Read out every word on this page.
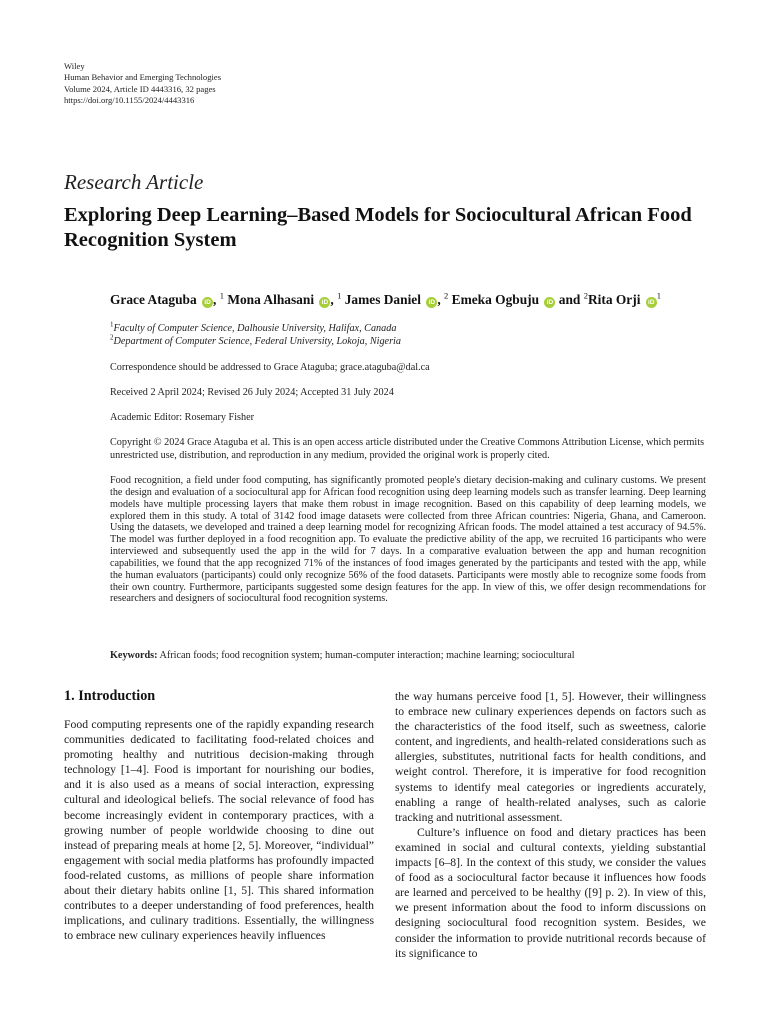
Wiley
Human Behavior and Emerging Technologies
Volume 2024, Article ID 4443316, 32 pages
https://doi.org/10.1155/2024/4443316
Research Article
Exploring Deep Learning–Based Models for Sociocultural African Food Recognition System
Grace Ataguba iD , $^1$ Mona Alhasani iD , $^1$ James Daniel iD , $^2$ Emeka Ogbuju iD and $^2$Rita Orji $iD^1$
$^1$Faculty of Computer Science, Dalhousie University, Halifax, Canada
$^2$Department of Computer Science, Federal University, Lokoja, Nigeria
Correspondence should be addressed to Grace Ataguba; grace.ataguba@dal.ca
Received 2 April 2024; Revised 26 July 2024; Accepted 31 July 2024
Academic Editor: Rosemary Fisher
Copyright © 2024 Grace Ataguba et al. This is an open access article distributed under the Creative Commons Attribution License, which permits unrestricted use, distribution, and reproduction in any medium, provided the original work is properly cited.
Food recognition, a field under food computing, has significantly promoted people's dietary decision-making and culinary customs. We present the design and evaluation of a sociocultural app for African food recognition using deep learning models such as transfer learning. Deep learning models have multiple processing layers that make them robust in image recognition. Based on this capability of deep learning models, we explored them in this study. A total of 3142 food image datasets were collected from three African countries: Nigeria, Ghana, and Cameroon. Using the datasets, we developed and trained a deep learning model for recognizing African foods. The model attained a test accuracy of 94.5%. The model was further deployed in a food recognition app. To evaluate the predictive ability of the app, we recruited 16 participants who were interviewed and subsequently used the app in the wild for 7 days. In a comparative evaluation between the app and human recognition capabilities, we found that the app recognized 71% of the instances of food images generated by the participants and tested with the app, while the human evaluators (participants) could only recognize 56% of the food datasets. Participants were mostly able to recognize some foods from their own country. Furthermore, participants suggested some design features for the app. In view of this, we offer design recommendations for researchers and designers of sociocultural food recognition systems.
Keywords: African foods; food recognition system; human-computer interaction; machine learning; sociocultural
1. Introduction

Food computing represents one of the rapidly expanding research communities dedicated to facilitating food-related choices and promoting healthy and nutritious decision-making through technology [1–4]. Food is important for nourishing our bodies, and it is also used as a means of social interaction, expressing cultural and ideological beliefs. The social relevance of food has become increasingly evident in contemporary practices, with a growing number of people worldwide choosing to dine out instead of preparing meals at home [2, 5]. Moreover, “individual” engagement with social media platforms has profoundly impacted food-related customs, as millions of people share information about their dietary habits online [1, 5]. This shared information contributes to a deeper understanding of food preferences, health implications, and culinary traditions. Essentially, the willingness to embrace new culinary experiences heavily influences

the way humans perceive food [1, 5]. However, their willingness to embrace new culinary experiences depends on factors such as the characteristics of the food itself, such as sweetness, calorie content, and ingredients, and health-related considerations such as allergies, substitutes, nutritional facts for health conditions, and weight control. Therefore, it is imperative for food recognition systems to identify meal categories or ingredients accurately, enabling a range of health-related analyses, such as calorie tracking and nutritional assessment.

Culture’s influence on food and dietary practices has been examined in social and cultural contexts, yielding substantial impacts [6–8]. In the context of this study, we consider the values of food as a sociocultural factor because it influences how foods are learned and perceived to be healthy ([9] p. 2). In view of this, we present information about the food to inform discussions on designing sociocultural food recognition system. Besides, we consider the information to provide nutritional records because of its significance to
